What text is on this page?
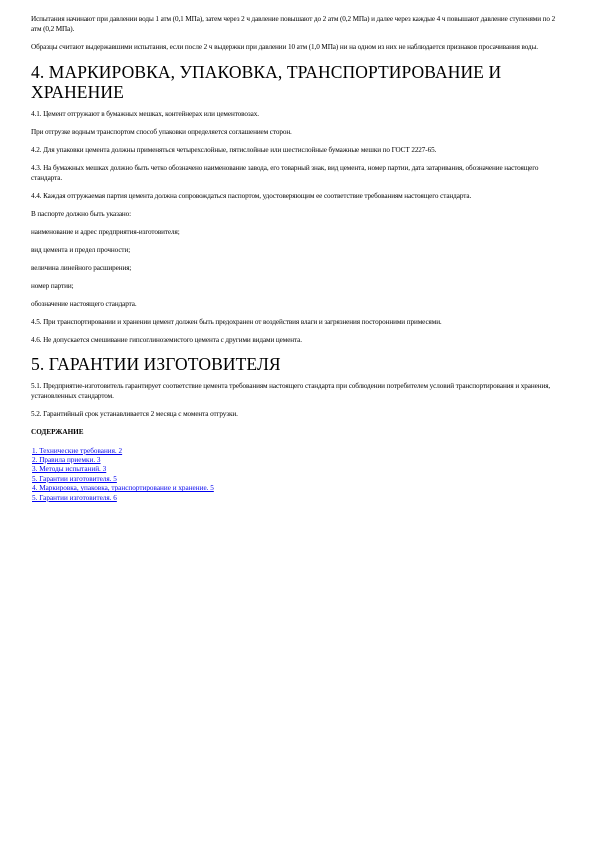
Испытания начинают при давлении воды 1 атм (0,1 МПа), затем через 2 ч давление повышают до 2 атм (0,2 МПа) и далее через каждые 4 ч повышают давление ступенями по 2 атм (0,2 МПа).

Образцы считают выдержавшими испытания, если после 2 ч выдержки при давлении 10 атм (1,0 МПа) ни на одном из них не наблюдается признаков просачивания воды.

4. МАРКИРОВКА, УПАКОВКА, ТРАНСПОРТИРОВАНИЕ И ХРАНЕНИЕ

4.1. Цемент отгружают в бумажных мешках, контейнерах или цементовозах.

При отгрузке водным транспортом способ упаковки определяется соглашением сторон.

4.2. Для упаковки цемента должны применяться четырехслойные, пятислойные или шестислойные бумажные мешки по ГОСТ 2227-65.

4.3. На бумажных мешках должно быть четко обозначено наименование завода, его товарный знак, вид цемента, номер партии, дата затаривания, обозначение настоящего стандарта.

4.4. Каждая отгружаемая партия цемента должна сопровождаться паспортом, удостоверяющим ее соответствие требованиям настоящего стандарта.

В паспорте должно быть указано:

наименование и адрес предприятия-изготовителя;

вид цемента и предел прочности;

величина линейного расширения;

номер партии;

обозначение настоящего стандарта.

4.5. При транспортировании и хранении цемент должен быть предохранен от воздействия влаги и загрязнения посторонними примесями.

4.6. Не допускается смешивание гипсоглиноземистого цемента с другими видами цемента.

5. ГАРАНТИИ ИЗГОТОВИТЕЛЯ

5.1. Предприятие-изготовитель гарантирует соответствие цемента требованиям настоящего стандарта при соблюдении потребителем условий транспортирования и хранения, установленных стандартом.

5.2. Гарантийный срок устанавливается 2 месяца с момента отгрузки.

СОДЕРЖАНИЕ

1. Технические требования. 2
2. Правила приемки. 3
3. Методы испытаний. 3
5. Гарантии изготовителя. 5
4. Маркировка, упаковка, транспортирование и хранение. 5
5. Гарантии изготовителя. 6
